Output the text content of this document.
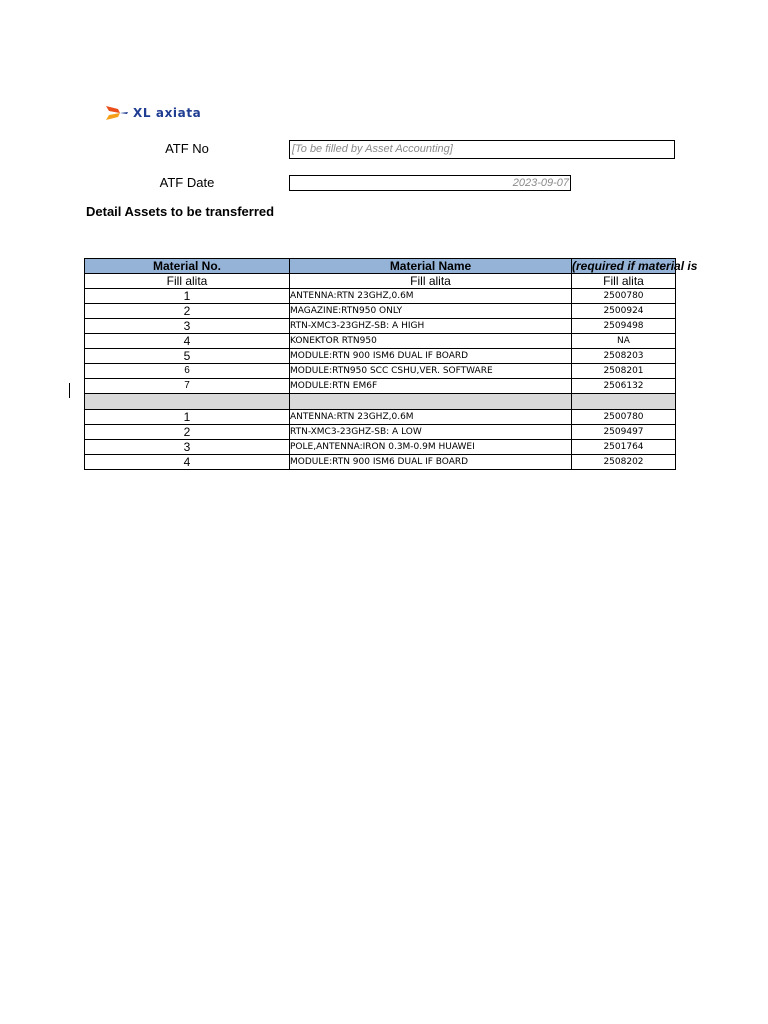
XL axiata
ATF No	[To be filled by Asset Accounting]
ATF Date	2023-09-07
Detail Assets to be transferred
Material No.	Material Name	(required if material is
Fill alita	Fill alita	Fill alita
1	ANTENNA:RTN 23GHZ,0.6M	2500780
2	MAGAZINE:RTN950 ONLY	2500924
3	RTN-XMC3-23GHZ-SB: A HIGH	2509498
4	KONEKTOR RTN950	NA
5	MODULE:RTN 900 ISM6 DUAL IF BOARD	2508203
6	MODULE:RTN950 SCC CSHU,VER. SOFTWARE	2508201
7	MODULE:RTN EM6F	2506132

1	ANTENNA:RTN 23GHZ,0.6M	2500780
2	RTN-XMC3-23GHZ-SB: A LOW	2509497
3	POLE,ANTENNA:IRON 0.3M-0.9M HUAWEI	2501764
4	MODULE:RTN 900 ISM6 DUAL IF BOARD	2508202
